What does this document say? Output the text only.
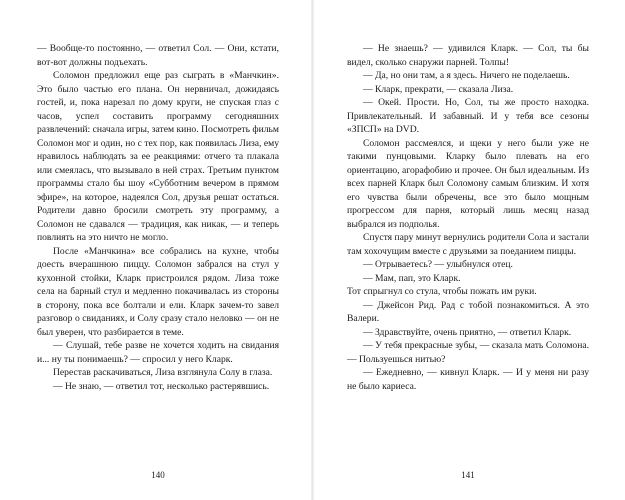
— Вообще-то постоянно, — ответил Сол. — Они, кстати, вот-вот должны подъехать.

Соломон предложил еще раз сыграть в «Манчкин». Это было частью его плана. Он нервничал, дожидаясь гостей, и, пока нарезал по дому круги, не спуская глаз с часов, успел составить программу сегодняшних развлечений: сначала игры, затем кино. Посмотреть фильм Соломон мог и один, но с тех пор, как появилась Лиза, ему нравилось наблюдать за ее реакциями: отчего та плакала или смеялась, что вызывало в ней страх. Третьим пунктом программы стало бы шоу «Субботним вечером в прямом эфире», на которое, надеялся Сол, друзья решат остаться. Родители давно бросили смотреть эту программу, а Соломон не сдавался — традиция, как никак, — и теперь повлиять на это ничто не могло.

После «Манчкина» все собрались на кухне, чтобы доесть вчерашнюю пиццу. Соломон забрался на стул у кухонной стойки, Кларк пристроился рядом. Лиза тоже села на барный стул и медленно покачивалась из стороны в сторону, пока все болтали и ели. Кларк зачем-то завел разговор о свиданиях, и Солу сразу стало неловко — он не был уверен, что разбирается в теме.

— Слушай, тебе разве не хочется ходить на свидания и... ну ты понимаешь? — спросил у него Кларк.

Перестав раскачиваться, Лиза взглянула Солу в глаза.

— Не знаю, — ответил тот, несколько растерявшись.

140

— Не знаешь? — удивился Кларк. — Сол, ты бы видел, сколько снаружи парней. Толпы!

— Да, но они там, а я здесь. Ничего не поделаешь.

— Кларк, прекрати, — сказала Лиза.

— Окей. Прости. Но, Сол, ты же просто находка. Привлекательный. И забавный. И у тебя все сезоны «ЗПСП» на DVD.

Соломон рассмеялся, и щеки у него были уже не такими пунцовыми. Кларку было плевать на его ориентацию, агорафобию и прочее. Он был идеальным. Из всех парней Кларк был Соломону самым близким. И хотя его чувства были обречены, все это было мощным прогрессом для парня, который лишь месяц назад выбрался из подполья.

Спустя пару минут вернулись родители Сола и застали там хохочущим вместе с друзьями за поеданием пиццы.

— Отрываетесь? — улыбнулся отец.

— Мам, пап, это Кларк.

Тот спрыгнул со стула, чтобы пожать им руки.

— Джейсон Рид. Рад с тобой познакомиться. А это Валери.

— Здравствуйте, очень приятно, — ответил Кларк.

— У тебя прекрасные зубы, — сказала мать Соломона. — Пользуешься нитью?

— Ежедневно, — кивнул Кларк. — И у меня ни разу не было кариеса.

141
